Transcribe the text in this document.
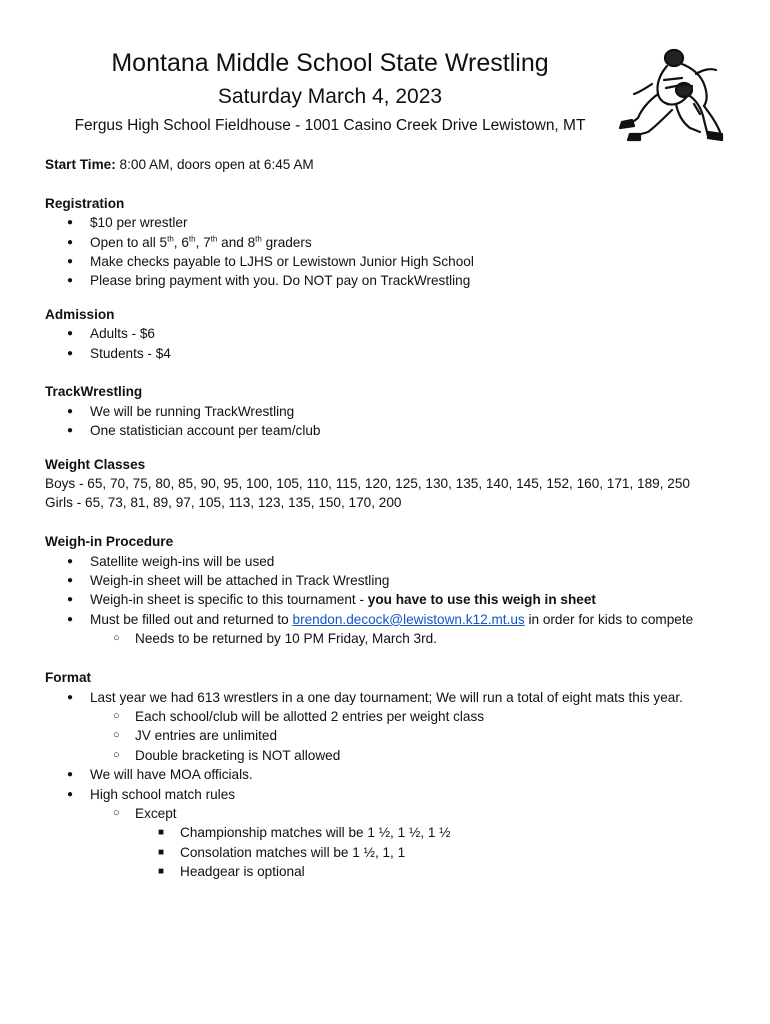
Montana Middle School State Wrestling
Saturday March 4, 2023
Fergus High School Fieldhouse - 1001 Casino Creek Drive Lewistown, MT
Start Time: 8:00 AM, doors open at 6:45 AM
Registration
● $10 per wrestler
● Open to all 5th, 6th, 7th and 8th graders
● Make checks payable to LJHS or Lewistown Junior High School
● Please bring payment with you. Do NOT pay on TrackWrestling
Admission
● Adults - $6
● Students - $4
TrackWrestling
● We will be running TrackWrestling
● One statistician account per team/club
Weight Classes
Boys - 65, 70, 75, 80, 85, 90, 95, 100, 105, 110, 115, 120, 125, 130, 135, 140, 145, 152, 160, 171, 189, 250
Girls - 65, 73, 81, 89, 97, 105, 113, 123, 135, 150, 170, 200
Weigh-in Procedure
● Satellite weigh-ins will be used
● Weigh-in sheet will be attached in Track Wrestling
● Weigh-in sheet is specific to this tournament - you have to use this weigh in sheet
● Must be filled out and returned to brendon.decock@lewistown.k12.mt.us in order for kids to compete
○ Needs to be returned by 10 PM Friday, March 3rd.
Format
● Last year we had 613 wrestlers in a one day tournament; We will run a total of eight mats this year.
○ Each school/club will be allotted 2 entries per weight class
○ JV entries are unlimited
○ Double bracketing is NOT allowed
● We will have MOA officials.
● High school match rules
○ Except
■ Championship matches will be 1 ½, 1 ½, 1 ½
■ Consolation matches will be 1 ½, 1, 1
■ Headgear is optional
